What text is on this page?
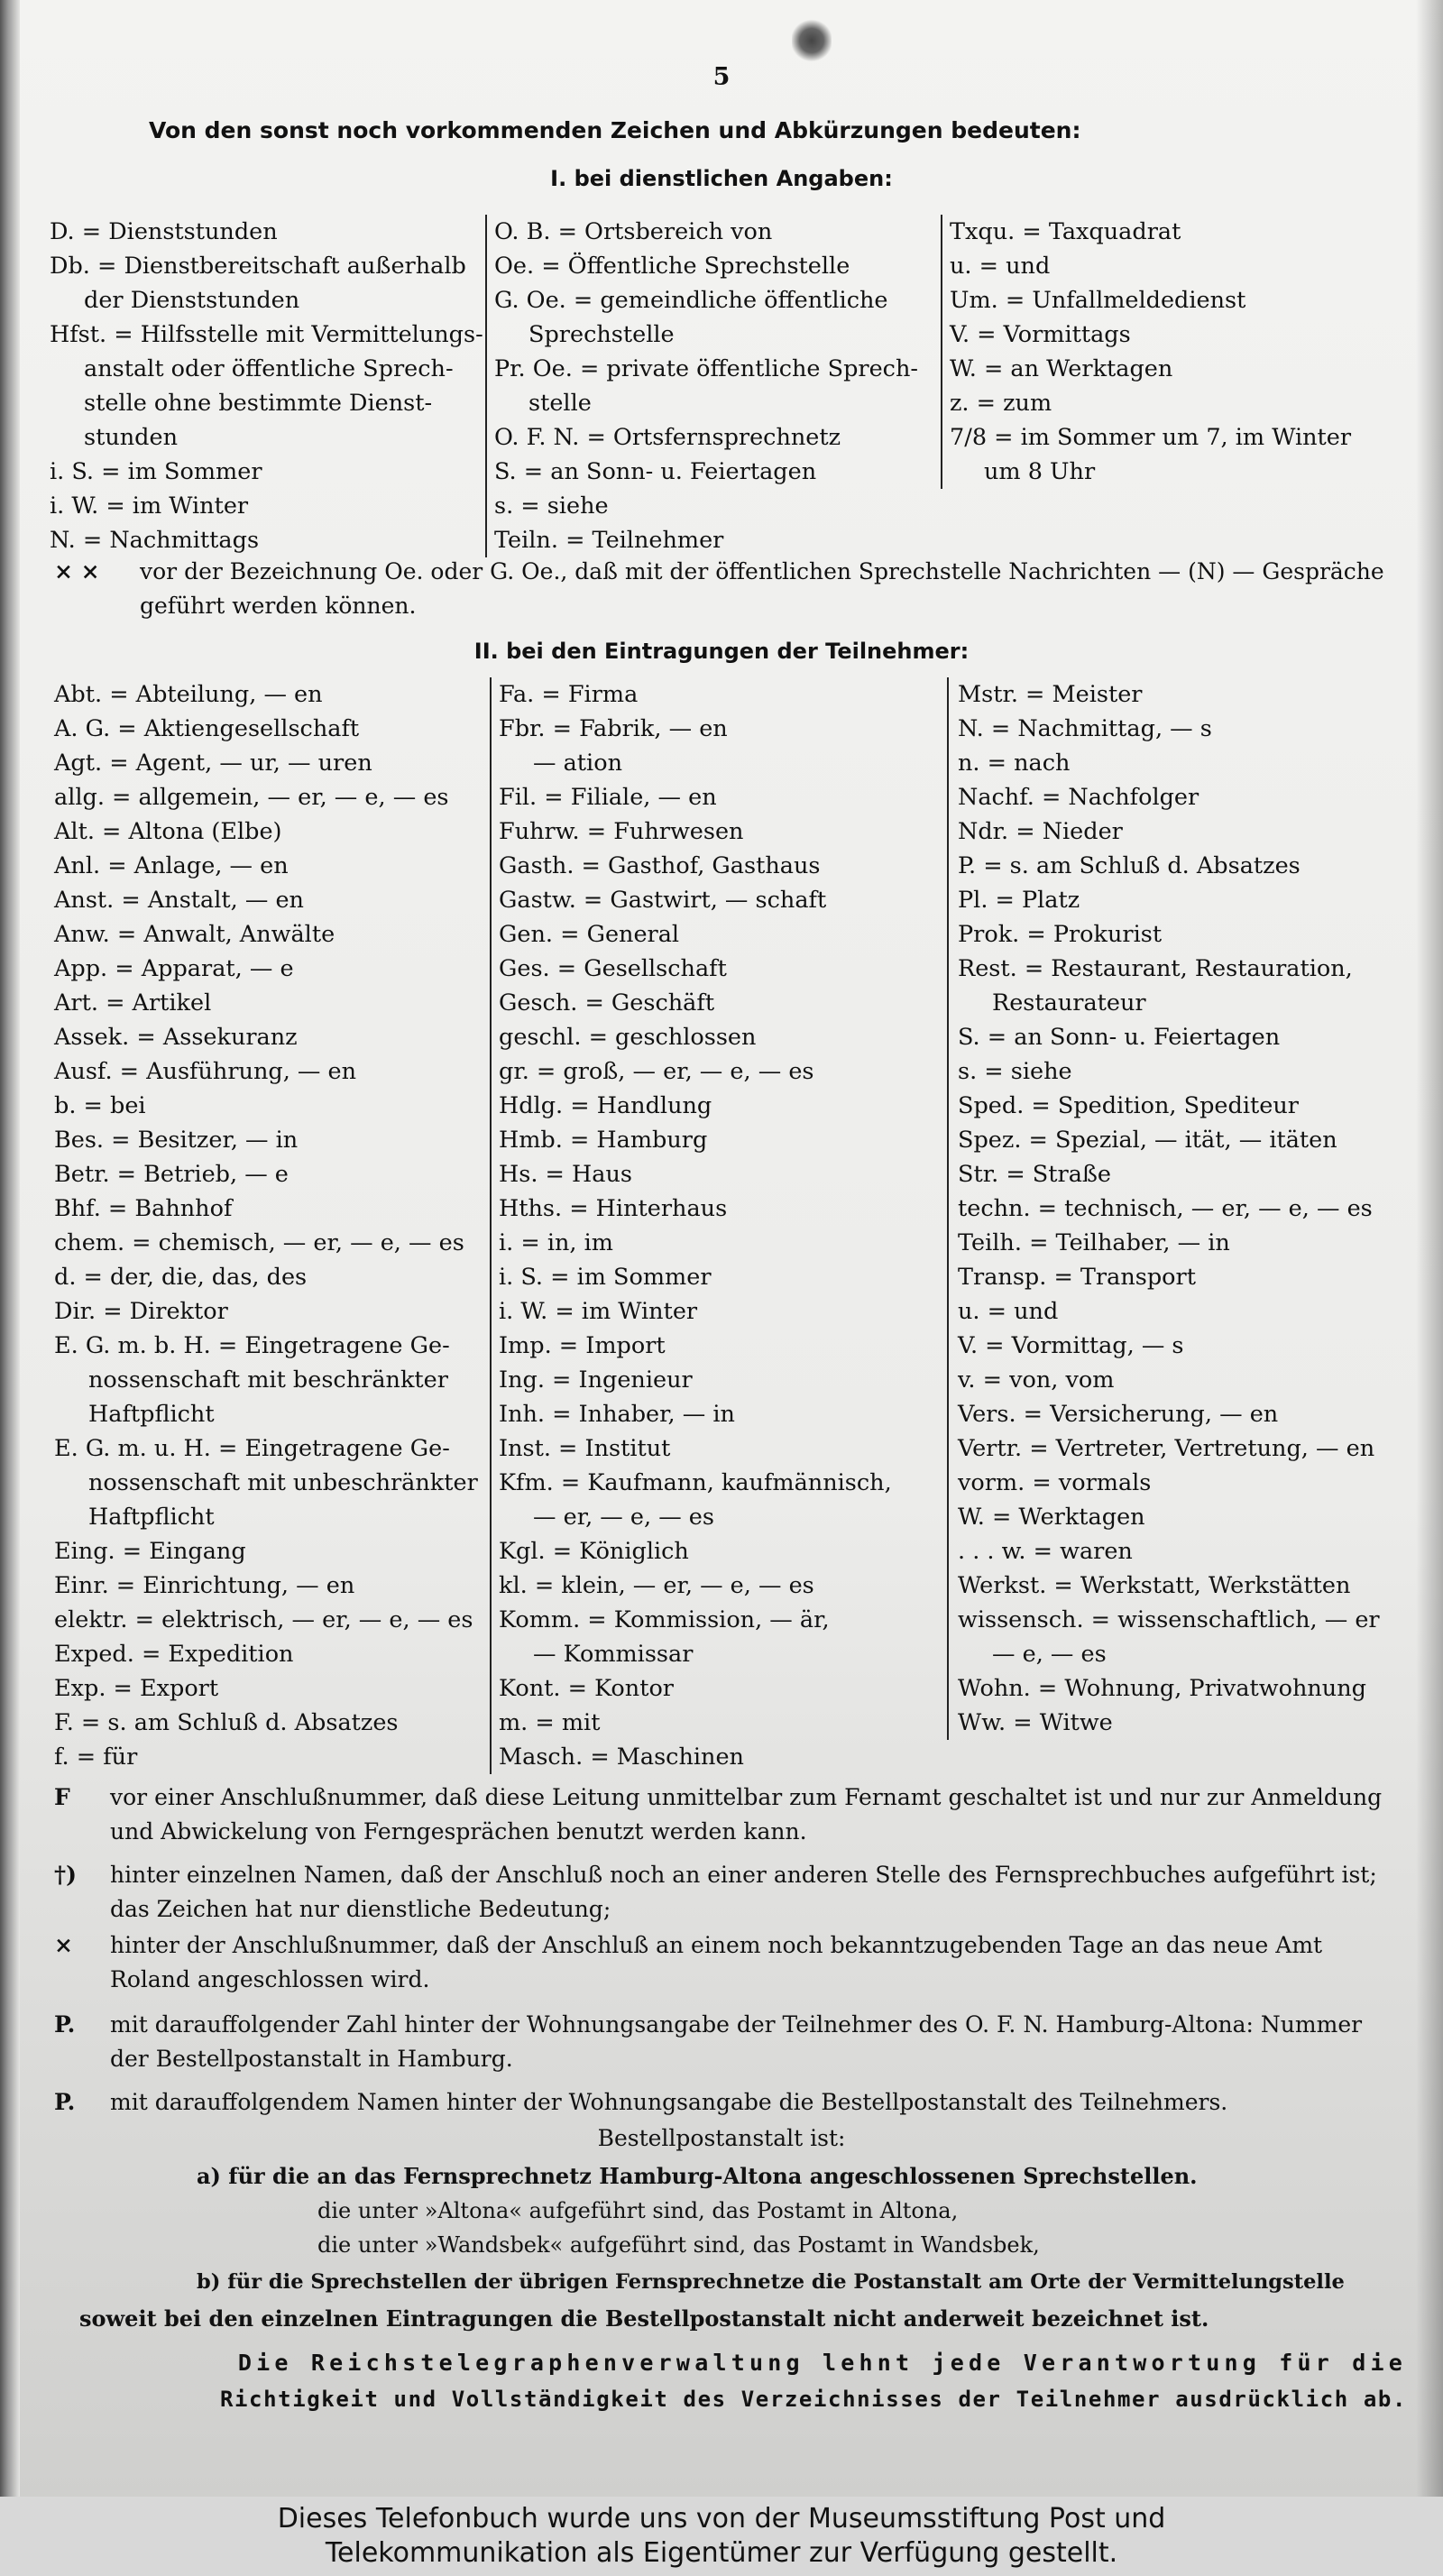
5
Von den sonst noch vorkommenden Zeichen und Abkürzungen bedeuten:
I. bei dienstlichen Angaben:
D. = Dienststunden
Db. = Dienstbereitschaft außerhalb
der Dienststunden
Hfst. = Hilfsstelle mit Vermittelungs-
anstalt oder öffentliche Sprech-
stelle ohne bestimmte Dienst-
stunden
i. S. = im Sommer
i. W. = im Winter
N. = Nachmittags
O. B. = Ortsbereich von
Oe. = Öffentliche Sprechstelle
G. Oe. = gemeindliche öffentliche
Sprechstelle
Pr. Oe. = private öffentliche Sprech-
stelle
O. F. N. = Ortsfernsprechnetz
S. = an Sonn- u. Feiertagen
s. = siehe
Teiln. = Teilnehmer
Txqu. = Taxquadrat
u. = und
Um. = Unfallmeldedienst
V. = Vormittags
W. = an Werktagen
z. = zum
7/8 = im Sommer um 7, im Winter
um 8 Uhr
× × vor der Bezeichnung Oe. oder G. Oe., daß mit der öffentlichen Sprechstelle Nachrichten — (N) — Gespräche geführt werden können.
II. bei den Eintragungen der Teilnehmer:
Abt. = Abteilung, — en
A. G. = Aktiengesellschaft
Agt. = Agent, — ur, — uren
allg. = allgemein, — er, — e, — es
Alt. = Altona (Elbe)
Anl. = Anlage, — en
Anst. = Anstalt, — en
Anw. = Anwalt, Anwälte
App. = Apparat, — e
Art. = Artikel
Assek. = Assekuranz
Ausf. = Ausführung, — en
b. = bei
Bes. = Besitzer, — in
Betr. = Betrieb, — e
Bhf. = Bahnhof
chem. = chemisch, — er, — e, — es
d. = der, die, das, des
Dir. = Direktor
E. G. m. b. H. = Eingetragene Ge-
nossenschaft mit beschränkter
Haftpflicht
E. G. m. u. H. = Eingetragene Ge-
nossenschaft mit unbeschränkter
Haftpflicht
Eing. = Eingang
Einr. = Einrichtung, — en
elektr. = elektrisch, — er, — e, — es
Exped. = Expedition
Exp. = Export
F. = s. am Schluß d. Absatzes
f. = für
Fa. = Firma
Fbr. = Fabrik, — en
— ation
Fil. = Filiale, — en
Fuhrw. = Fuhrwesen
Gasth. = Gasthof, Gasthaus
Gastw. = Gastwirt, — schaft
Gen. = General
Ges. = Gesellschaft
Gesch. = Geschäft
geschl. = geschlossen
gr. = groß, — er, — e, — es
Hdlg. = Handlung
Hmb. = Hamburg
Hs. = Haus
Hths. = Hinterhaus
i. = in, im
i. S. = im Sommer
i. W. = im Winter
Imp. = Import
Ing. = Ingenieur
Inh. = Inhaber, — in
Inst. = Institut
Kfm. = Kaufmann, kaufmännisch,
— er, — e, — es
Kgl. = Königlich
kl. = klein, — er, — e, — es
Komm. = Kommission, — är,
— Kommissar
Kont. = Kontor
m. = mit
Masch. = Maschinen
Mstr. = Meister
N. = Nachmittag, — s
n. = nach
Nachf. = Nachfolger
Ndr. = Nieder
P. = s. am Schluß d. Absatzes
Pl. = Platz
Prok. = Prokurist
Rest. = Restaurant, Restauration,
Restaurateur
S. = an Sonn- u. Feiertagen
s. = siehe
Sped. = Spedition, Spediteur
Spez. = Spezial, — ität, — itäten
Str. = Straße
techn. = technisch, — er, — e, — es
Teilh. = Teilhaber, — in
Transp. = Transport
u. = und
V. = Vormittag, — s
v. = von, vom
Vers. = Versicherung, — en
Vertr. = Vertreter, Vertretung, — en
vorm. = vormals
W. = Werktagen
. . . w. = waren
Werkst. = Werkstatt, Werkstätten
wissensch. = wissenschaftlich, — er
— e, — es
Wohn. = Wohnung, Privatwohnung
Ww. = Witwe
F vor einer Anschlußnummer, daß diese Leitung unmittelbar zum Fernamt geschaltet ist und nur zur Anmeldung und Abwickelung von Ferngesprächen benutzt werden kann.
†) hinter einzelnen Namen, daß der Anschluß noch an einer anderen Stelle des Fernsprechbuches aufgeführt ist; das Zeichen hat nur dienstliche Bedeutung;
× hinter der Anschlußnummer, daß der Anschluß an einem noch bekanntzugebenden Tage an das neue Amt Roland angeschlossen wird.
P. mit darauffolgender Zahl hinter der Wohnungsangabe der Teilnehmer des O. F. N. Hamburg-Altona: Nummer der Bestellpostanstalt in Hamburg.
P. mit darauffolgendem Namen hinter der Wohnungsangabe die Bestellpostanstalt des Teilnehmers.
Bestellpostanstalt ist:
a) für die an das Fernsprechnetz Hamburg-Altona angeschlossenen Sprechstellen.
die unter »Altona« aufgeführt sind, das Postamt in Altona,
die unter »Wandsbek« aufgeführt sind, das Postamt in Wandsbek,
b) für die Sprechstellen der übrigen Fernsprechnetze die Postanstalt am Orte der Vermittelungstelle
soweit bei den einzelnen Eintragungen die Bestellpostanstalt nicht anderweit bezeichnet ist.
Die Reichstelegraphenverwaltung lehnt jede Verantwortung für die
Richtigkeit und Vollständigkeit des Verzeichnisses der Teilnehmer ausdrücklich ab.
Dieses Telefonbuch wurde uns von der Museumsstiftung Post und
Telekommunikation als Eigentümer zur Verfügung gestellt.
